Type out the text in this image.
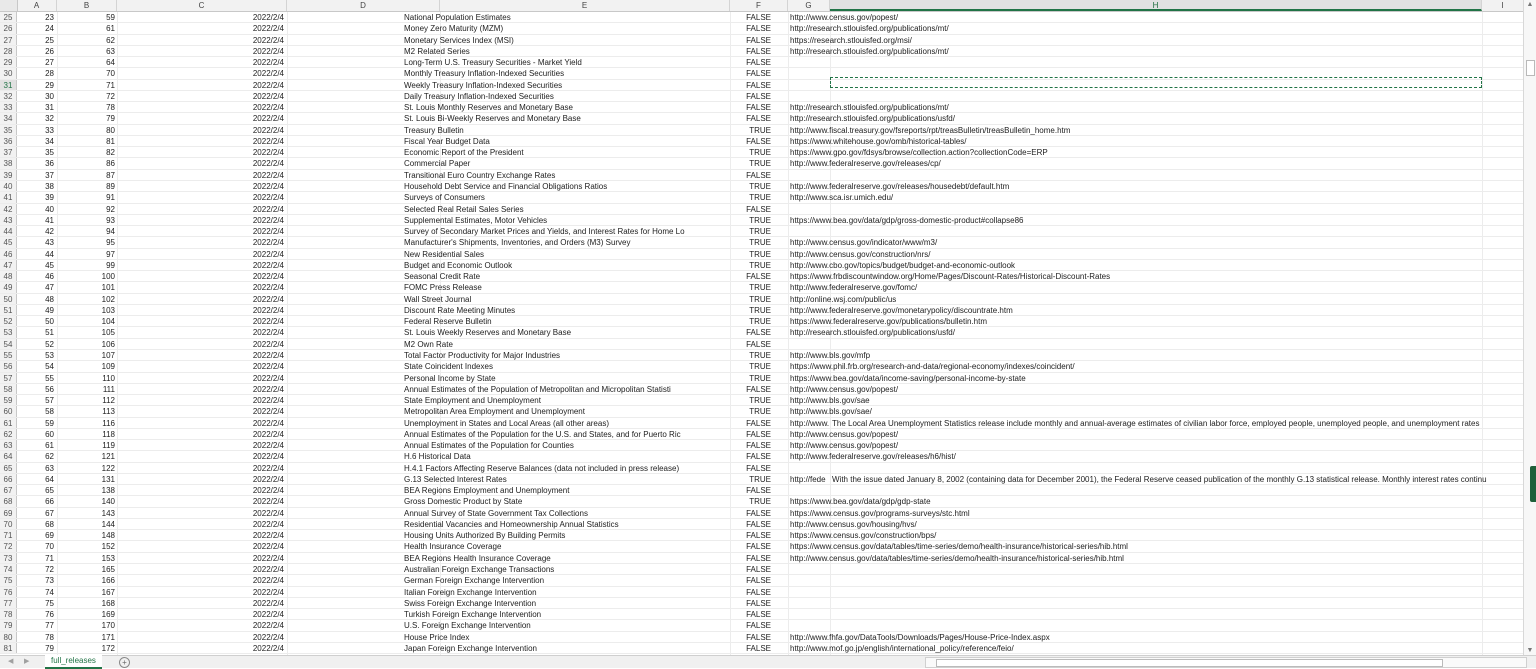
A	B	C	D	E	F	G	H	I
25	23	59	2022/2/4	National Population Estimates	FALSE	http://www.census.gov/popest/
26	24	61	2022/2/4	Money Zero Maturity (MZM)	FALSE	http://research.stlouisfed.org/publications/mt/
27	25	62	2022/2/4	Monetary Services Index (MSI)	FALSE	https://research.stlouisfed.org/msi/
28	26	63	2022/2/4	M2 Related Series	FALSE	http://research.stlouisfed.org/publications/mt/
29	27	64	2022/2/4	Long-Term U.S. Treasury Securities - Market Yield	FALSE
30	28	70	2022/2/4	Monthly Treasury Inflation-Indexed Securities	FALSE
31	29	71	2022/2/4	Weekly Treasury Inflation-Indexed Securities	FALSE
32	30	72	2022/2/4	Daily Treasury Inflation-Indexed Securities	FALSE
33	31	78	2022/2/4	St. Louis Monthly Reserves and Monetary Base	FALSE	http://research.stlouisfed.org/publications/mt/
34	32	79	2022/2/4	St. Louis Bi-Weekly Reserves and Monetary Base	FALSE	http://research.stlouisfed.org/publications/usfd/
35	33	80	2022/2/4	Treasury Bulletin	TRUE	http://www.fiscal.treasury.gov/fsreports/rpt/treasBulletin/treasBulletin_home.htm
36	34	81	2022/2/4	Fiscal Year Budget Data	FALSE	https://www.whitehouse.gov/omb/historical-tables/
37	35	82	2022/2/4	Economic Report of the President	TRUE	https://www.gpo.gov/fdsys/browse/collection.action?collectionCode=ERP
38	36	86	2022/2/4	Commercial Paper	TRUE	http://www.federalreserve.gov/releases/cp/
39	37	87	2022/2/4	Transitional Euro Country Exchange Rates	FALSE
40	38	89	2022/2/4	Household Debt Service and Financial Obligations Ratios	TRUE	http://www.federalreserve.gov/releases/housedebt/default.htm
41	39	91	2022/2/4	Surveys of Consumers	TRUE	http://www.sca.isr.umich.edu/
42	40	92	2022/2/4	Selected Real Retail Sales Series	FALSE
43	41	93	2022/2/4	Supplemental Estimates, Motor Vehicles	TRUE	https://www.bea.gov/data/gdp/gross-domestic-product#collapse86
44	42	94	2022/2/4	Survey of Secondary Market Prices and Yields, and Interest Rates for Home Lo	TRUE
45	43	95	2022/2/4	Manufacturer's Shipments, Inventories, and Orders (M3) Survey	TRUE	http://www.census.gov/indicator/www/m3/
46	44	97	2022/2/4	New Residential Sales	TRUE	http://www.census.gov/construction/nrs/
47	45	99	2022/2/4	Budget and Economic Outlook	TRUE	http://www.cbo.gov/topics/budget/budget-and-economic-outlook
48	46	100	2022/2/4	Seasonal Credit Rate	FALSE	https://www.frbdiscountwindow.org/Home/Pages/Discount-Rates/Historical-Discount-Rates
49	47	101	2022/2/4	FOMC Press Release	TRUE	http://www.federalreserve.gov/fomc/
50	48	102	2022/2/4	Wall Street Journal	TRUE	http://online.wsj.com/public/us
51	49	103	2022/2/4	Discount Rate Meeting Minutes	TRUE	http://www.federalreserve.gov/monetarypolicy/discountrate.htm
52	50	104	2022/2/4	Federal Reserve Bulletin	TRUE	https://www.federalreserve.gov/publications/bulletin.htm
53	51	105	2022/2/4	St. Louis Weekly Reserves and Monetary Base	FALSE	http://research.stlouisfed.org/publications/usfd/
54	52	106	2022/2/4	M2 Own Rate	FALSE
55	53	107	2022/2/4	Total Factor Productivity for Major Industries	TRUE	http://www.bls.gov/mfp
56	54	109	2022/2/4	State Coincident Indexes	TRUE	https://www.phil.frb.org/research-and-data/regional-economy/indexes/coincident/
57	55	110	2022/2/4	Personal Income by State	TRUE	https://www.bea.gov/data/income-saving/personal-income-by-state
58	56	111	2022/2/4	Annual Estimates of the Population of Metropolitan and Micropolitan Statisti	FALSE	http://www.census.gov/popest/
59	57	112	2022/2/4	State Employment and Unemployment	TRUE	http://www.bls.gov/sae
60	58	113	2022/2/4	Metropolitan Area Employment and Unemployment	TRUE	http://www.bls.gov/sae/
61	59	116	2022/2/4	Unemployment in States and Local Areas (all other areas)	FALSE	http://www. The Local Area Unemployment Statistics release include monthly and annual-average estimates of civilian labor force, employed people, unemployed people, and unemployment rates
62	60	118	2022/2/4	Annual Estimates of the Population for the U.S. and States, and for Puerto Ric	FALSE	http://www.census.gov/popest/
63	61	119	2022/2/4	Annual Estimates of the Population for Counties	FALSE	http://www.census.gov/popest/
64	62	121	2022/2/4	H.6 Historical Data	FALSE	http://www.federalreserve.gov/releases/h6/hist/
65	63	122	2022/2/4	H.4.1 Factors Affecting Reserve Balances (data not included in press release)	FALSE
66	64	131	2022/2/4	G.13 Selected Interest Rates	TRUE	http://fede With the issue dated January 8, 2002 (containing data for December 2001), the Federal Reserve ceased publication of the monthly G.13 statistical release. Monthly interest rates continu
67	65	138	2022/2/4	BEA Regions Employment and Unemployment	FALSE
68	66	140	2022/2/4	Gross Domestic Product by State	TRUE	https://www.bea.gov/data/gdp/gdp-state
69	67	143	2022/2/4	Annual Survey of State Government Tax Collections	FALSE	https://www.census.gov/programs-surveys/stc.html
70	68	144	2022/2/4	Residential Vacancies and Homeownership Annual Statistics	FALSE	http://www.census.gov/housing/hvs/
71	69	148	2022/2/4	Housing Units Authorized By Building Permits	FALSE	https://www.census.gov/construction/bps/
72	70	152	2022/2/4	Health Insurance Coverage	FALSE	https://www.census.gov/data/tables/time-series/demo/health-insurance/historical-series/hib.html
73	71	153	2022/2/4	BEA Regions Health Insurance Coverage	FALSE	http://www.census.gov/data/tables/time-series/demo/health-insurance/historical-series/hib.html
74	72	165	2022/2/4	Australian Foreign Exchange Transactions	FALSE
75	73	166	2022/2/4	German Foreign Exchange Intervention	FALSE
76	74	167	2022/2/4	Italian Foreign Exchange Intervention	FALSE
77	75	168	2022/2/4	Swiss Foreign Exchange Intervention	FALSE
78	76	169	2022/2/4	Turkish Foreign Exchange Intervention	FALSE
79	77	170	2022/2/4	U.S. Foreign Exchange Intervention	FALSE
80	78	171	2022/2/4	House Price Index	FALSE	http://www.fhfa.gov/DataTools/Downloads/Pages/House-Price-Index.aspx
81	79	172	2022/2/4	Japan Foreign Exchange Intervention	FALSE	http://www.mof.go.jp/english/international_policy/reference/feio/
▲
▼
◀ ▶	full_releases	+
